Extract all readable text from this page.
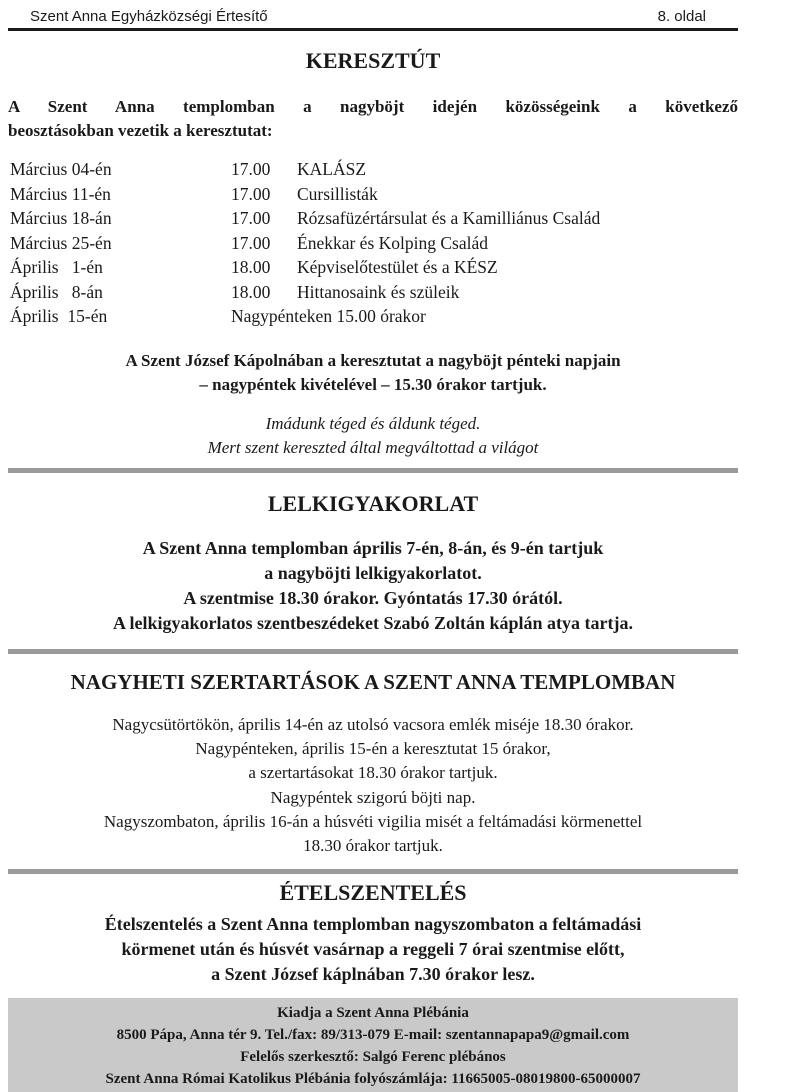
Szent Anna Egyházközségi Értesítő	8. oldal
KERESZTÚT
A Szent Anna templomban a nagyböjt idején közösségeink a következő
beosztásokban vezetik a keresztutat:
Március 04-én	17.00 KALÁSZ
Március 11-én	17.00 Cursillisták
Március 18-án	17.00 Rózsafüzértársulat és a Kamilliánus Család
Március 25-én	17.00 Énekkar és Kolping Család
Április   1-én	18.00 Képviselőtestület és a KÉSZ
Április   8-án	18.00 Hittanosaink és szüleik
Április  15-én	Nagypénteken 15.00 órakor
A Szent József Kápolnában a keresztutat a nagyböjt pénteki napjain
– nagypéntek kivételével – 15.30 órakor tartjuk.
Imádunk téged és áldunk téged.
Mert szent kereszted által megváltottad a világot
LELKIGYAKORLAT
A Szent Anna templomban április 7-én, 8-án, és 9-én tartjuk
a nagyböjti lelkigyakorlatot.
A szentmise 18.30 órakor. Gyóntatás 17.30 órától.
A lelkigyakorlatos szentbeszédeket Szabó Zoltán káplán atya tartja.
NAGYHETI SZERTARTÁSOK A SZENT ANNA TEMPLOMBAN
Nagycsütörtökön, április 14-én az utolsó vacsora emlék miséje 18.30 órakor.
Nagypénteken, április 15-én a keresztutat 15 órakor,
a szertartásokat 18.30 órakor tartjuk.
Nagypéntek szigorú böjti nap.
Nagyszombaton, április 16-án a húsvéti vigilia misét a feltámadási körmenettel
18.30 órakor tartjuk.
ÉTELSZENTELÉS
Ételszentelés a Szent Anna templomban nagyszombaton a feltámadási
körmenet után és húsvét vasárnap a reggeli 7 órai szentmise előtt,
a Szent József káplnában 7.30 órakor lesz.
Kiadja a Szent Anna Plébánia
8500 Pápa, Anna tér 9. Tel./fax: 89/313-079 E-mail: szentannapapa9@gmail.com
Felelős szerkesztő: Salgó Ferenc plébános
Szent Anna Római Katolikus Plébánia folyószámlája: 11665005-08019800-65000007
